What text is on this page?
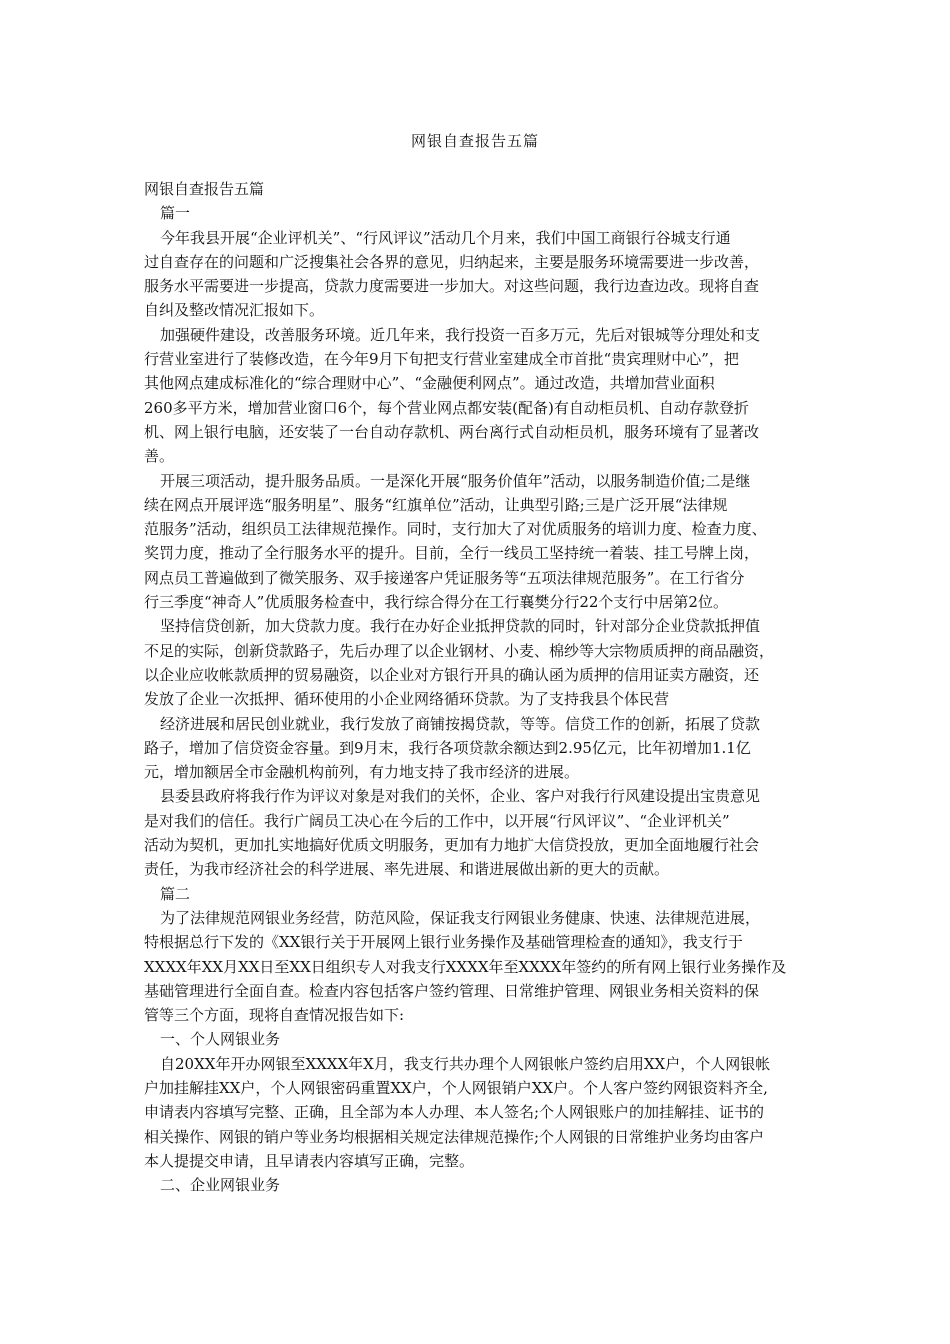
网银自查报告五篇
网银自查报告五篇
篇一
今年我县开展“企业评机关”、“行风评议”活动几个月来，我们中国工商银行谷城支行通
过自查存在的问题和广泛搜集社会各界的意见，归纳起来，主要是服务环境需要进一步改善，
服务水平需要进一步提高，贷款力度需要进一步加大。对这些问题，我行边查边改。现将自查
自纠及整改情况汇报如下。
加强硬件建设，改善服务环境。近几年来，我行投资一百多万元，先后对银城等分理处和支
行营业室进行了装修改造，在今年9月下旬把支行营业室建成全市首批“贵宾理财中心”，把
其他网点建成标准化的“综合理财中心”、“金融便利网点”。通过改造，共增加营业面积
260多平方米，增加营业窗口6个，每个营业网点都安装(配备)有自动柜员机、自动存款登折
机、网上银行电脑，还安装了一台自动存款机、两台离行式自动柜员机，服务环境有了显著改
善。
开展三项活动，提升服务品质。一是深化开展“服务价值年”活动，以服务制造价值;二是继
续在网点开展评选“服务明星”、服务“红旗单位”活动，让典型引路;三是广泛开展“法律规
范服务”活动，组织员工法律规范操作。同时，支行加大了对优质服务的培训力度、检查力度、
奖罚力度，推动了全行服务水平的提升。目前，全行一线员工坚持统一着装、挂工号牌上岗，
网点员工普遍做到了微笑服务、双手接递客户凭证服务等“五项法律规范服务”。在工行省分
行三季度“神奇人”优质服务检查中，我行综合得分在工行襄樊分行22个支行中居第2位。
坚持信贷创新，加大贷款力度。我行在办好企业抵押贷款的同时，针对部分企业贷款抵押值
不足的实际，创新贷款路子，先后办理了以企业钢材、小麦、棉纱等大宗物质质押的商品融资，
以企业应收帐款质押的贸易融资，以企业对方银行开具的确认函为质押的信用证卖方融资，还
发放了企业一次抵押、循环使用的小企业网络循环贷款。为了支持我县个体民营
经济进展和居民创业就业，我行发放了商铺按揭贷款，等等。信贷工作的创新，拓展了贷款
路子，增加了信贷资金容量。到9月末，我行各项贷款余额达到2.95亿元，比年初增加1.1亿
元，增加额居全市金融机构前列，有力地支持了我市经济的进展。
县委县政府将我行作为评议对象是对我们的关怀，企业、客户对我行行风建设提出宝贵意见
是对我们的信任。我行广阔员工决心在今后的工作中，以开展“行风评议”、“企业评机关”
活动为契机，更加扎实地搞好优质文明服务，更加有力地扩大信贷投放，更加全面地履行社会
责任，为我市经济社会的科学进展、率先进展、和谐进展做出新的更大的贡献。
篇二
为了法律规范网银业务经营，防范风险，保证我支行网银业务健康、快速、法律规范进展，
特根据总行下发的《XX银行关于开展网上银行业务操作及基础管理检查的通知》，我支行于
XXXX年XX月XX日至XX日组织专人对我支行XXXX年至XXXX年签约的所有网上银行业务操作及
基础管理进行全面自查。检查内容包括客户签约管理、日常维护管理、网银业务相关资料的保
管等三个方面，现将自查情况报告如下:
一、个人网银业务
自20XX年开办网银至XXXX年X月，我支行共办理个人网银帐户签约启用XX户，个人网银帐
户加挂解挂XX户，个人网银密码重置XX户，个人网银销户XX户。个人客户签约网银资料齐全,
申请表内容填写完整、正确，且全部为本人办理、本人签名;个人网银账户的加挂解挂、证书的
相关操作、网银的销户等业务均根据相关规定法律规范操作;个人网银的日常维护业务均由客户
本人提提交申请，且早请表内容填写正确，完整。
二、企业网银业务
